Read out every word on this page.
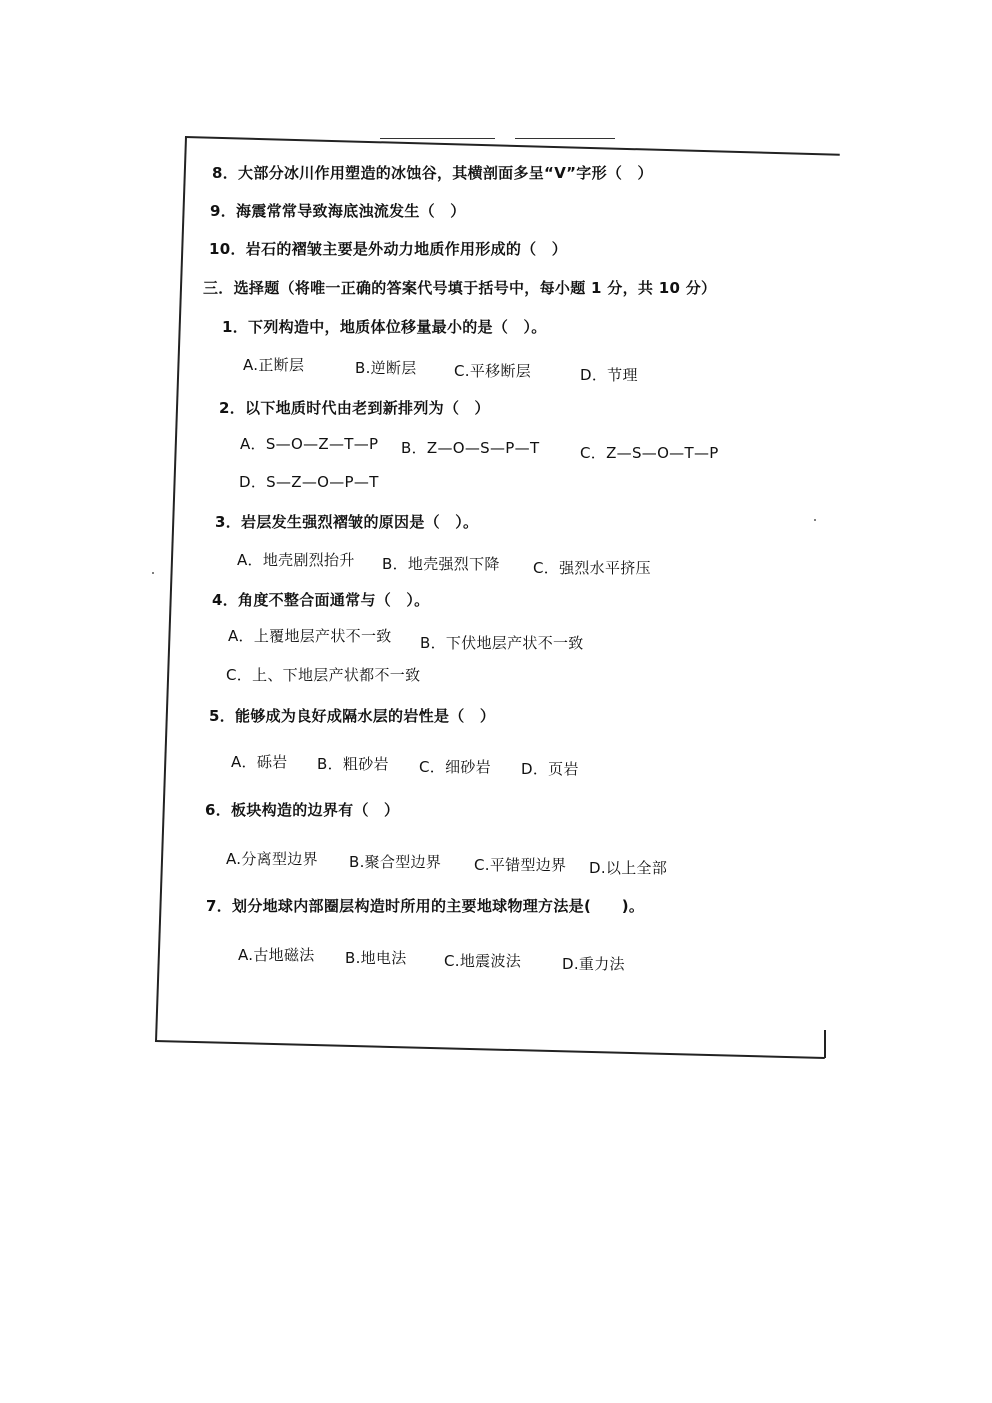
8．大部分冰川作用塑造的冰蚀谷，其横剖面多呈“V”字形（　）
9．海震常常导致海底浊流发生（　）
10．岩石的褶皱主要是外动力地质作用形成的（　）
三．选择题（将唯一正确的答案代号填于括号中，每小题 1 分，共 10 分）
1．下列构造中，地质体位移量最小的是（　）。
A.正断层	B.逆断层 C.平移断层	D．节理
2．以下地质时代由老到新排列为（　）
A．S—O—Z—T—P B．Z—O—S—P—T	C．Z—S—O—T—P
D．S—Z—O—P—T
3．岩层发生强烈褶皱的原因是（　）。
A．地壳剧烈抬升 B．地壳强烈下降 C．强烈水平挤压
4．角度不整合面通常与（　）。
A．上覆地层产状不一致 B．下伏地层产状不一致
C．上、下地层产状都不一致
5．能够成为良好成隔水层的岩性是（　）
A．砾岩 B．粗砂岩 C．细砂岩 D．页岩
6．板块构造的边界有（　）
A.分离型边界 B.聚合型边界 C.平错型边界 D.以上全部
7．划分地球内部圈层构造时所用的主要地球物理方法是(　　)。
A.古地磁法 B.地电法 C.地震波法	D.重力法
